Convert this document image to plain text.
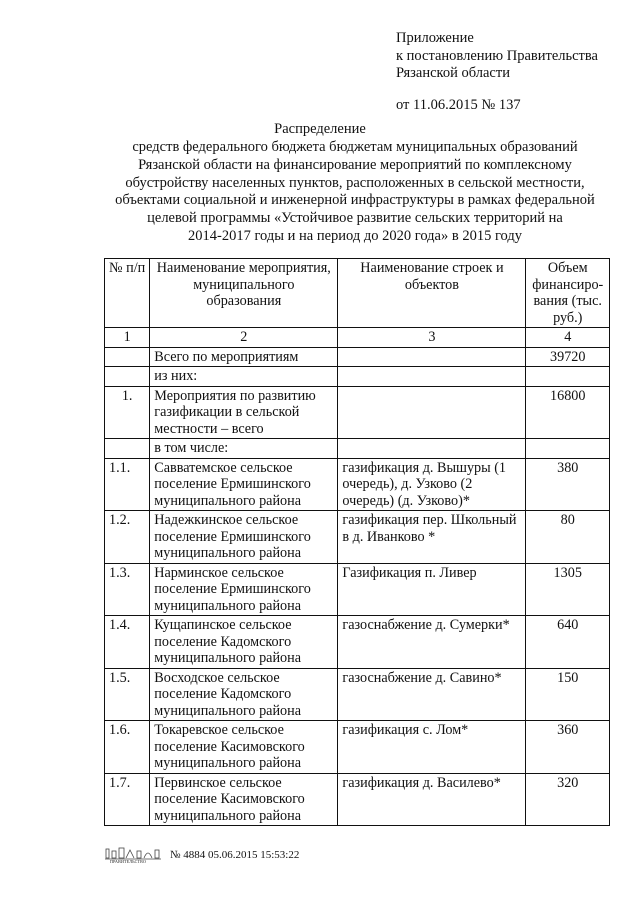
Приложение
к постановлению Правительства
Рязанской области
от 11.06.2015 № 137
Распределение
средств федерального бюджета бюджетам муниципальных образований
Рязанской области на финансирование мероприятий по комплексному
обустройству населенных пунктов, расположенных в сельской местности,
объектами социальной и инженерной инфраструктуры в рамках федеральной
целевой программы «Устойчивое развитие сельских территорий на
2014-2017 годы и на период до 2020 года» в 2015 году
№ п/п	Наименование мероприятия, муниципального образования	Наименование строек и объектов	Объем финансиро-вания (тыс. руб.)
1	2	3	4
	Всего по мероприятиям		39720
	из них:		
1.	Мероприятия по развитию газификации в сельской местности – всего		16800
	в том числе:		
1.1.	Савватемское сельское поселение Ермишинского муниципального района	газификация д. Вышуры (1 очередь), д. Узково (2 очередь) (д. Узково)*	380
1.2.	Надежкинское сельское поселение Ермишинского муниципального района	газификация пер. Школьный в д. Иванково *	80
1.3.	Нарминское сельское поселение Ермишинского муниципального района	Газификация п. Ливер	1305
1.4.	Кущапинское сельское поселение Кадомского муниципального района	газоснабжение д. Сумерки*	640
1.5.	Восходское сельское поселение Кадомского муниципального района	газоснабжение д. Савино*	150
1.6.	Токаревское сельское поселение Касимовского муниципального района	газификация с. Лом*	360
1.7.	Первинское сельское поселение Касимовского муниципального района	газификация д. Василево*	320
ПРАВИТЕЛЬСТВО
№ 4884 05.06.2015 15:53:22
